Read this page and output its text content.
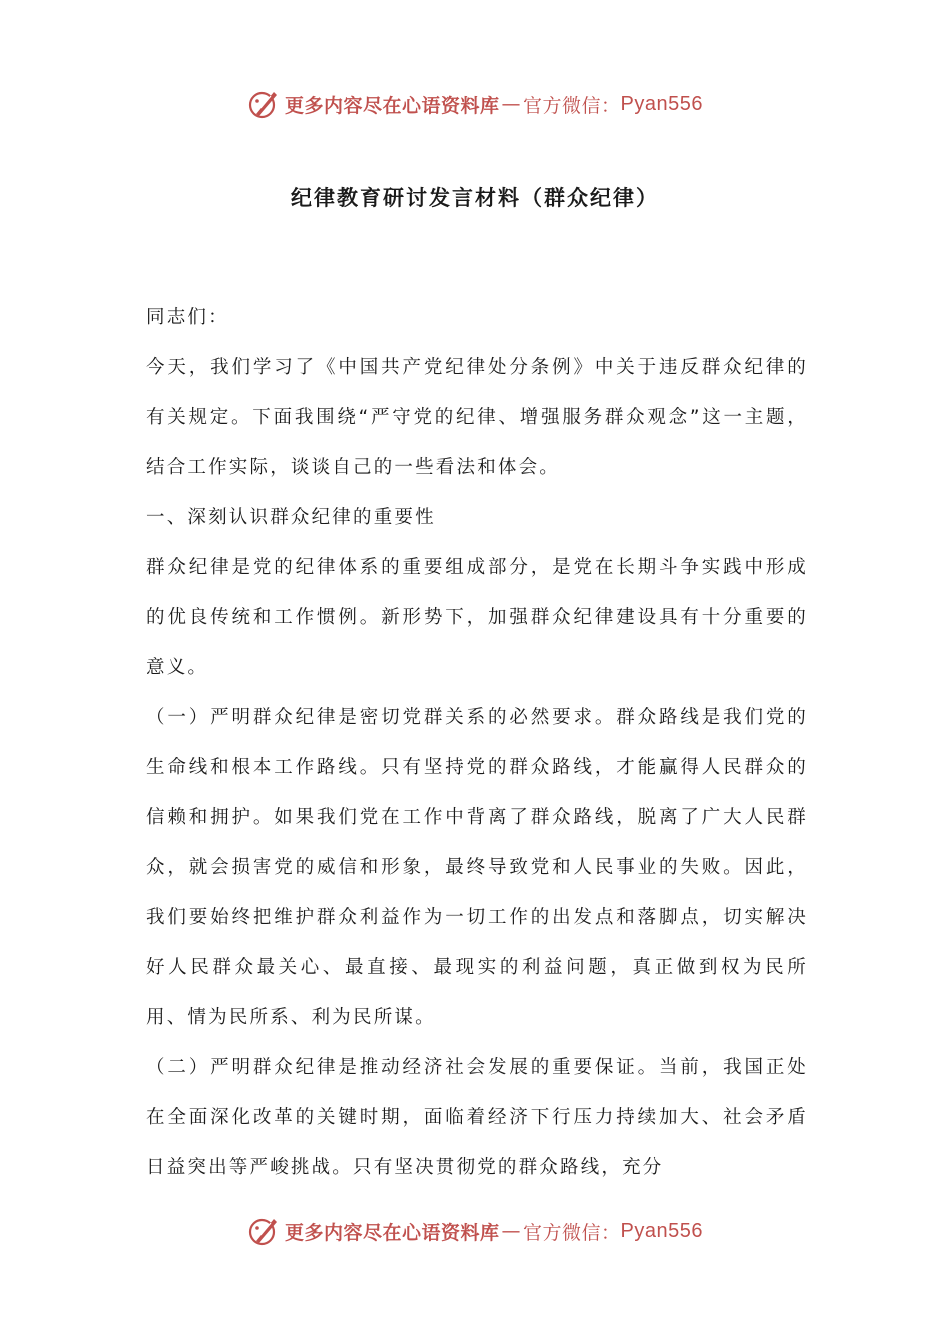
更多内容尽在心语资料库 — 官方微信： Pyan556
纪律教育研讨发言材料（群众纪律）

同志们：

今天，我们学习了《中国共产党纪律处分条例》中关于违反群众纪律的有关规定。下面我围绕“严守党的纪律、增强服务群众观念”这一主题，结合工作实际，谈谈自己的一些看法和体会。

一、深刻认识群众纪律的重要性

群众纪律是党的纪律体系的重要组成部分，是党在长期斗争实践中形成的优良传统和工作惯例。新形势下，加强群众纪律建设具有十分重要的意义。

（一）严明群众纪律是密切党群关系的必然要求。群众路线是我们党的生命线和根本工作路线。只有坚持党的群众路线，才能赢得人民群众的信赖和拥护。如果我们党在工作中背离了群众路线，脱离了广大人民群众，就会损害党的威信和形象，最终导致党和人民事业的失败。因此，我们要始终把维护群众利益作为一切工作的出发点和落脚点，切实解决好人民群众最关心、最直接、最现实的利益问题，真正做到权为民所用、情为民所系、利为民所谋。

（二）严明群众纪律是推动经济社会发展的重要保证。当前，我国正处在全面深化改革的关键时期，面临着经济下行压力持续加大、社会矛盾日益突出等严峻挑战。只有坚决贯彻党的群众路线，充分

更多内容尽在心语资料库 — 官方微信： Pyan556
